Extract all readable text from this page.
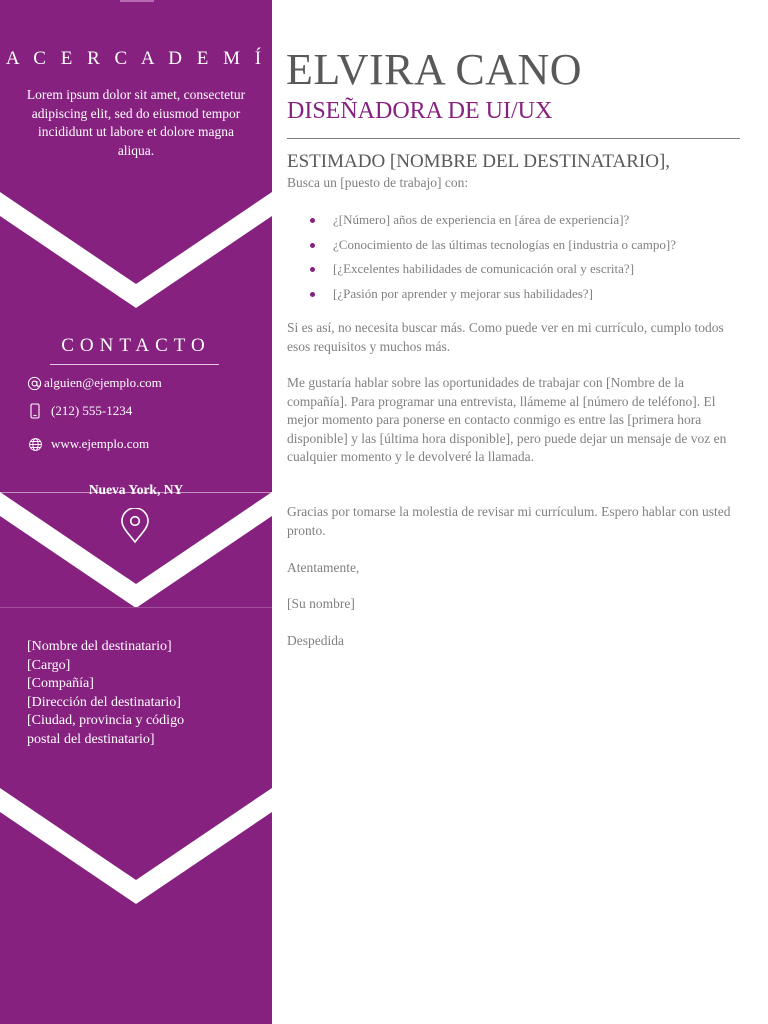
A C E R C A D E M Í
Lorem ipsum dolor sit amet, consectetur adipiscing elit, sed do eiusmod tempor incididunt ut labore et dolore magna aliqua.
CONTACTO
alguien@ejemplo.com
(212) 555-1234
www.ejemplo.com
Nueva York, NY
[Nombre del destinatario]
[Cargo]
[Compañía]
[Dirección del destinatario]
[Ciudad, provincia y código
postal del destinatario]
ELVIRA CANO
DISEÑADORA DE UI/UX
ESTIMADO [NOMBRE DEL DESTINATARIO],
Busca un [puesto de trabajo] con:
¿[Número] años de experiencia en [área de experiencia]?
¿Conocimiento de las últimas tecnologías en [industria o campo]?
[¿Excelentes habilidades de comunicación oral y escrita?]
[¿Pasión por aprender y mejorar sus habilidades?]
Si es así, no necesita buscar más. Como puede ver en mi currículo, cumplo todos esos requisitos y muchos más.
Me gustaría hablar sobre las oportunidades de trabajar con [Nombre de la compañía]. Para programar una entrevista, llámeme al [número de teléfono]. El mejor momento para ponerse en contacto conmigo es entre las [primera hora disponible] y las [última hora disponible], pero puede dejar un mensaje de voz en cualquier momento y le devolveré la llamada.
Gracias por tomarse la molestia de revisar mi currículum. Espero hablar con usted pronto.
Atentamente,
[Su nombre]
Despedida
